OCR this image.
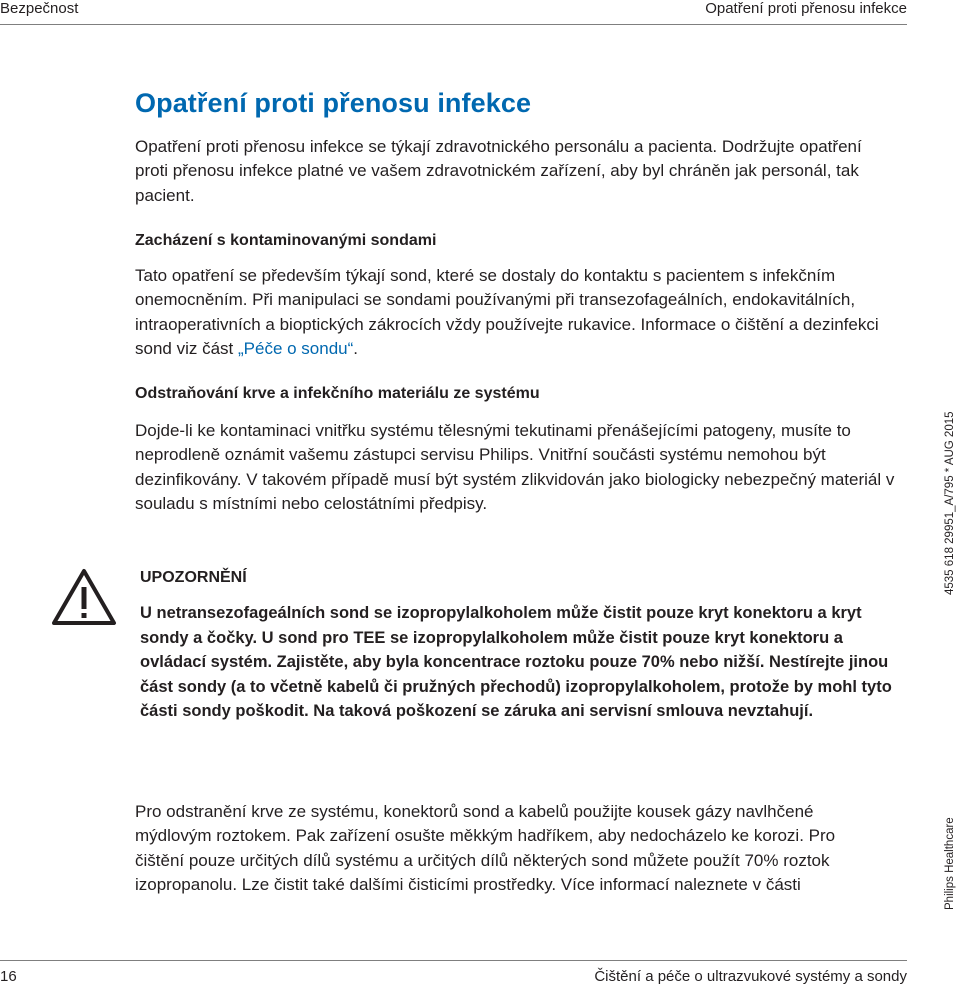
Bezpečnost	Opatření proti přenosu infekce
Opatření proti přenosu infekce

Opatření proti přenosu infekce se týkají zdravotnického personálu a pacienta. Dodržujte opatření proti přenosu infekce platné ve vašem zdravotnickém zařízení, aby byl chráněn jak personál, tak pacient.

Zacházení s kontaminovanými sondami

Tato opatření se především týkají sond, které se dostaly do kontaktu s pacientem s infekčním onemocněním. Při manipulaci se sondami používanými při transezofageálních, endokavitálních, intraoperativních a bioptických zákrocích vždy používejte rukavice. Informace o čištění a dezinfekci sond viz část „Péče o sondu“.

Odstraňování krve a infekčního materiálu ze systému

Dojde-li ke kontaminaci vnitřku systému tělesnými tekutinami přenášejícími patogeny, musíte to neprodleně oznámit vašemu zástupci servisu Philips. Vnitřní součásti systému nemohou být dezinfikovány. V takovém případě musí být systém zlikvidován jako biologicky nebezpečný materiál v souladu s místními nebo celostátními předpisy.

UPOZORNĚNÍ

U netransezofageálních sond se izopropylalkoholem může čistit pouze kryt konektoru a kryt sondy a čočky. U sond pro TEE se izopropylalkoholem může čistit pouze kryt konektoru a ovládací systém. Zajistěte, aby byla koncentrace roztoku pouze 70% nebo nižší. Nestírejte jinou část sondy (a to včetně kabelů či pružných přechodů) izopropylalkoholem, protože by mohl tyto části sondy poškodit. Na taková poškození se záruka ani servisní smlouva nevztahují.

Pro odstranění krve ze systému, konektorů sond a kabelů použijte kousek gázy navlhčené mýdlovým roztokem. Pak zařízení osušte měkkým hadříkem, aby nedocházelo ke korozi. Pro čištění pouze určitých dílů systému a určitých dílů některých sond můžete použít 70% roztok izopropanolu. Lze čistit také dalšími čisticími prostředky. Více informací naleznete v části

4535 618 29951_A/795 * AUG 2015
Philips Healthcare
16	Čištění a péče o ultrazvukové systémy a sondy
